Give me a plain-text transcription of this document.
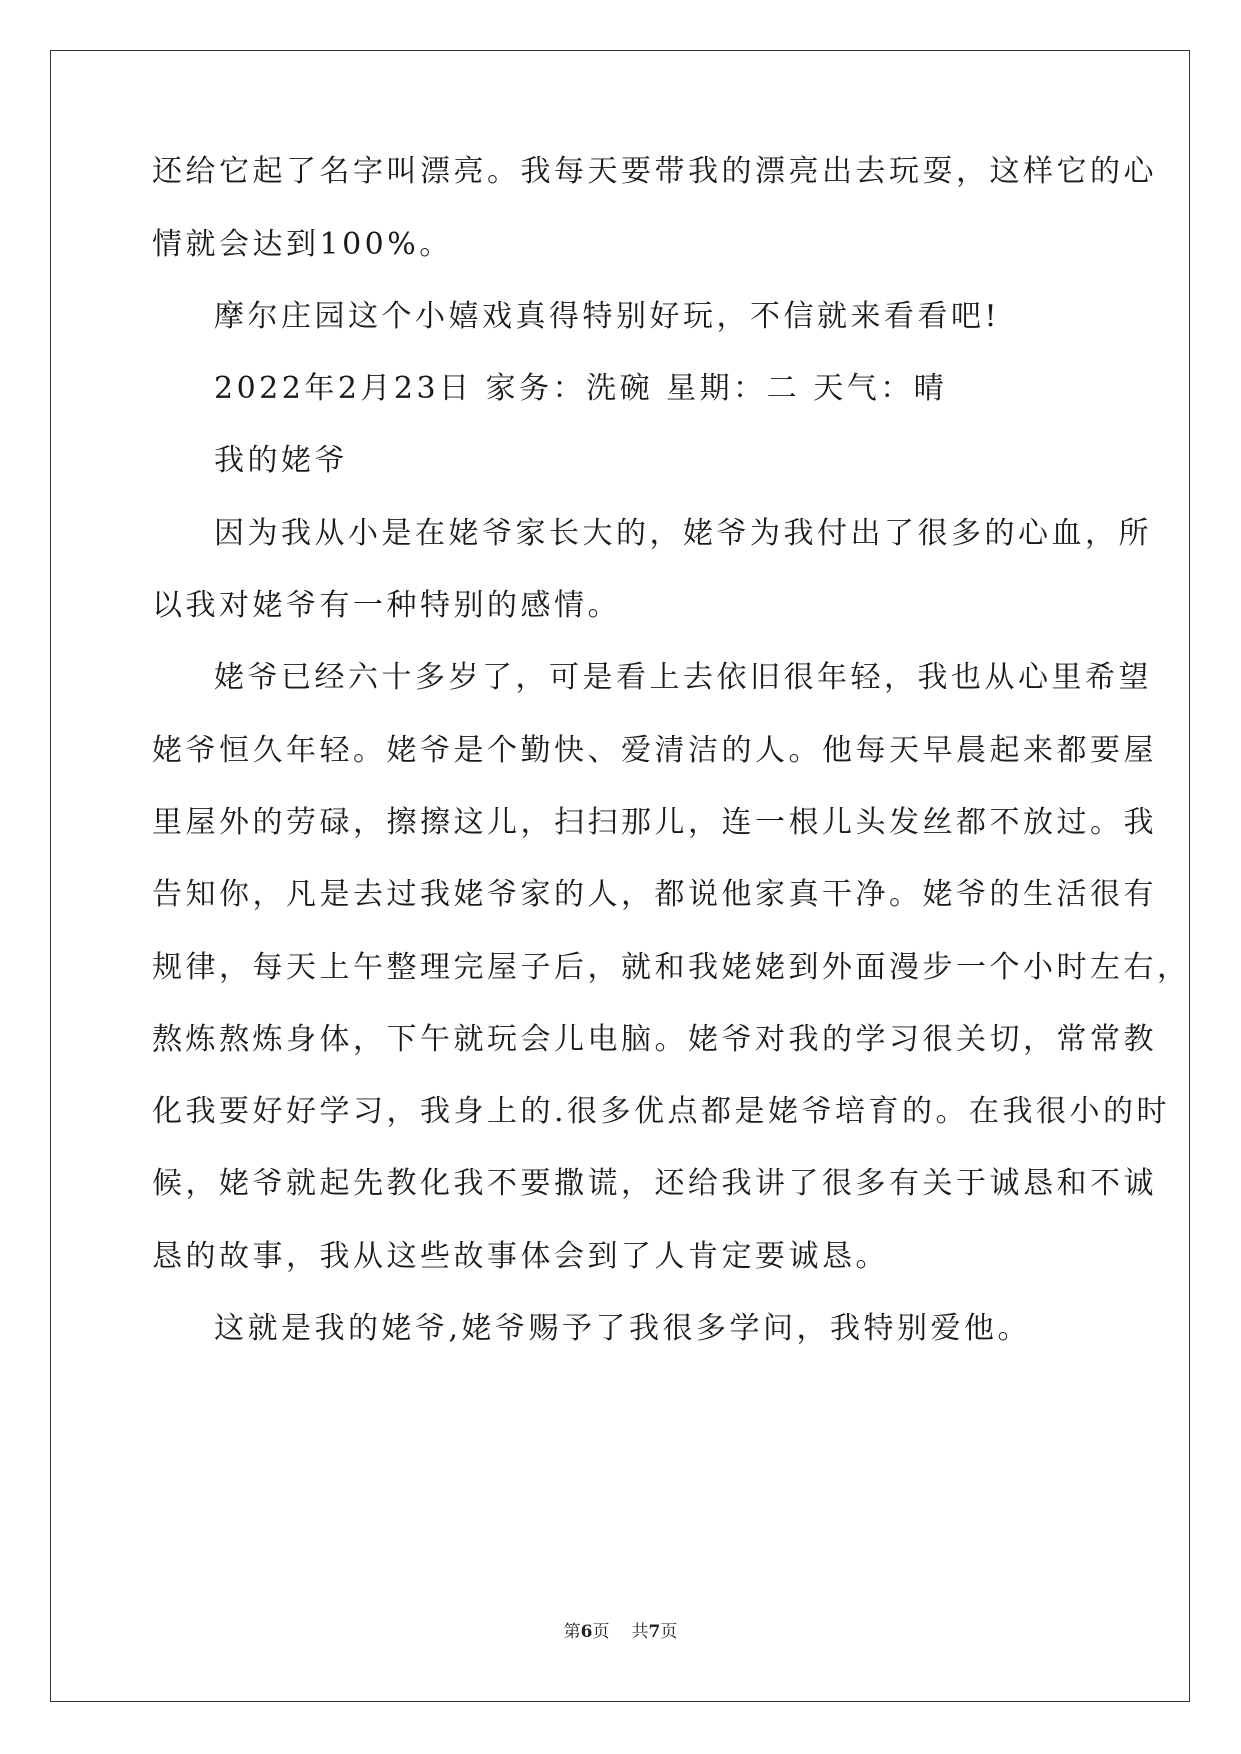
还给它起了名字叫漂亮。我每天要带我的漂亮出去玩耍，这样它的心
情就会达到100%。
摩尔庄园这个小嬉戏真得特别好玩，不信就来看看吧!
2022年2月23日 家务：洗碗 星期：二 天气：晴
我的姥爷
因为我从小是在姥爷家长大的，姥爷为我付出了很多的心血，所
以我对姥爷有一种特别的感情。
姥爷已经六十多岁了，可是看上去依旧很年轻，我也从心里希望
姥爷恒久年轻。姥爷是个勤快、爱清洁的人。他每天早晨起来都要屋
里屋外的劳碌，擦擦这儿，扫扫那儿，连一根儿头发丝都不放过。我
告知你，凡是去过我姥爷家的人，都说他家真干净。姥爷的生活很有
规律，每天上午整理完屋子后，就和我姥姥到外面漫步一个小时左右，
熬炼熬炼身体，下午就玩会儿电脑。姥爷对我的学习很关切，常常教
化我要好好学习，我身上的.很多优点都是姥爷培育的。在我很小的时
候，姥爷就起先教化我不要撒谎，还给我讲了很多有关于诚恳和不诚
恳的故事，我从这些故事体会到了人肯定要诚恳。
这就是我的姥爷,姥爷赐予了我很多学问，我特别爱他。
第6页 共7页
